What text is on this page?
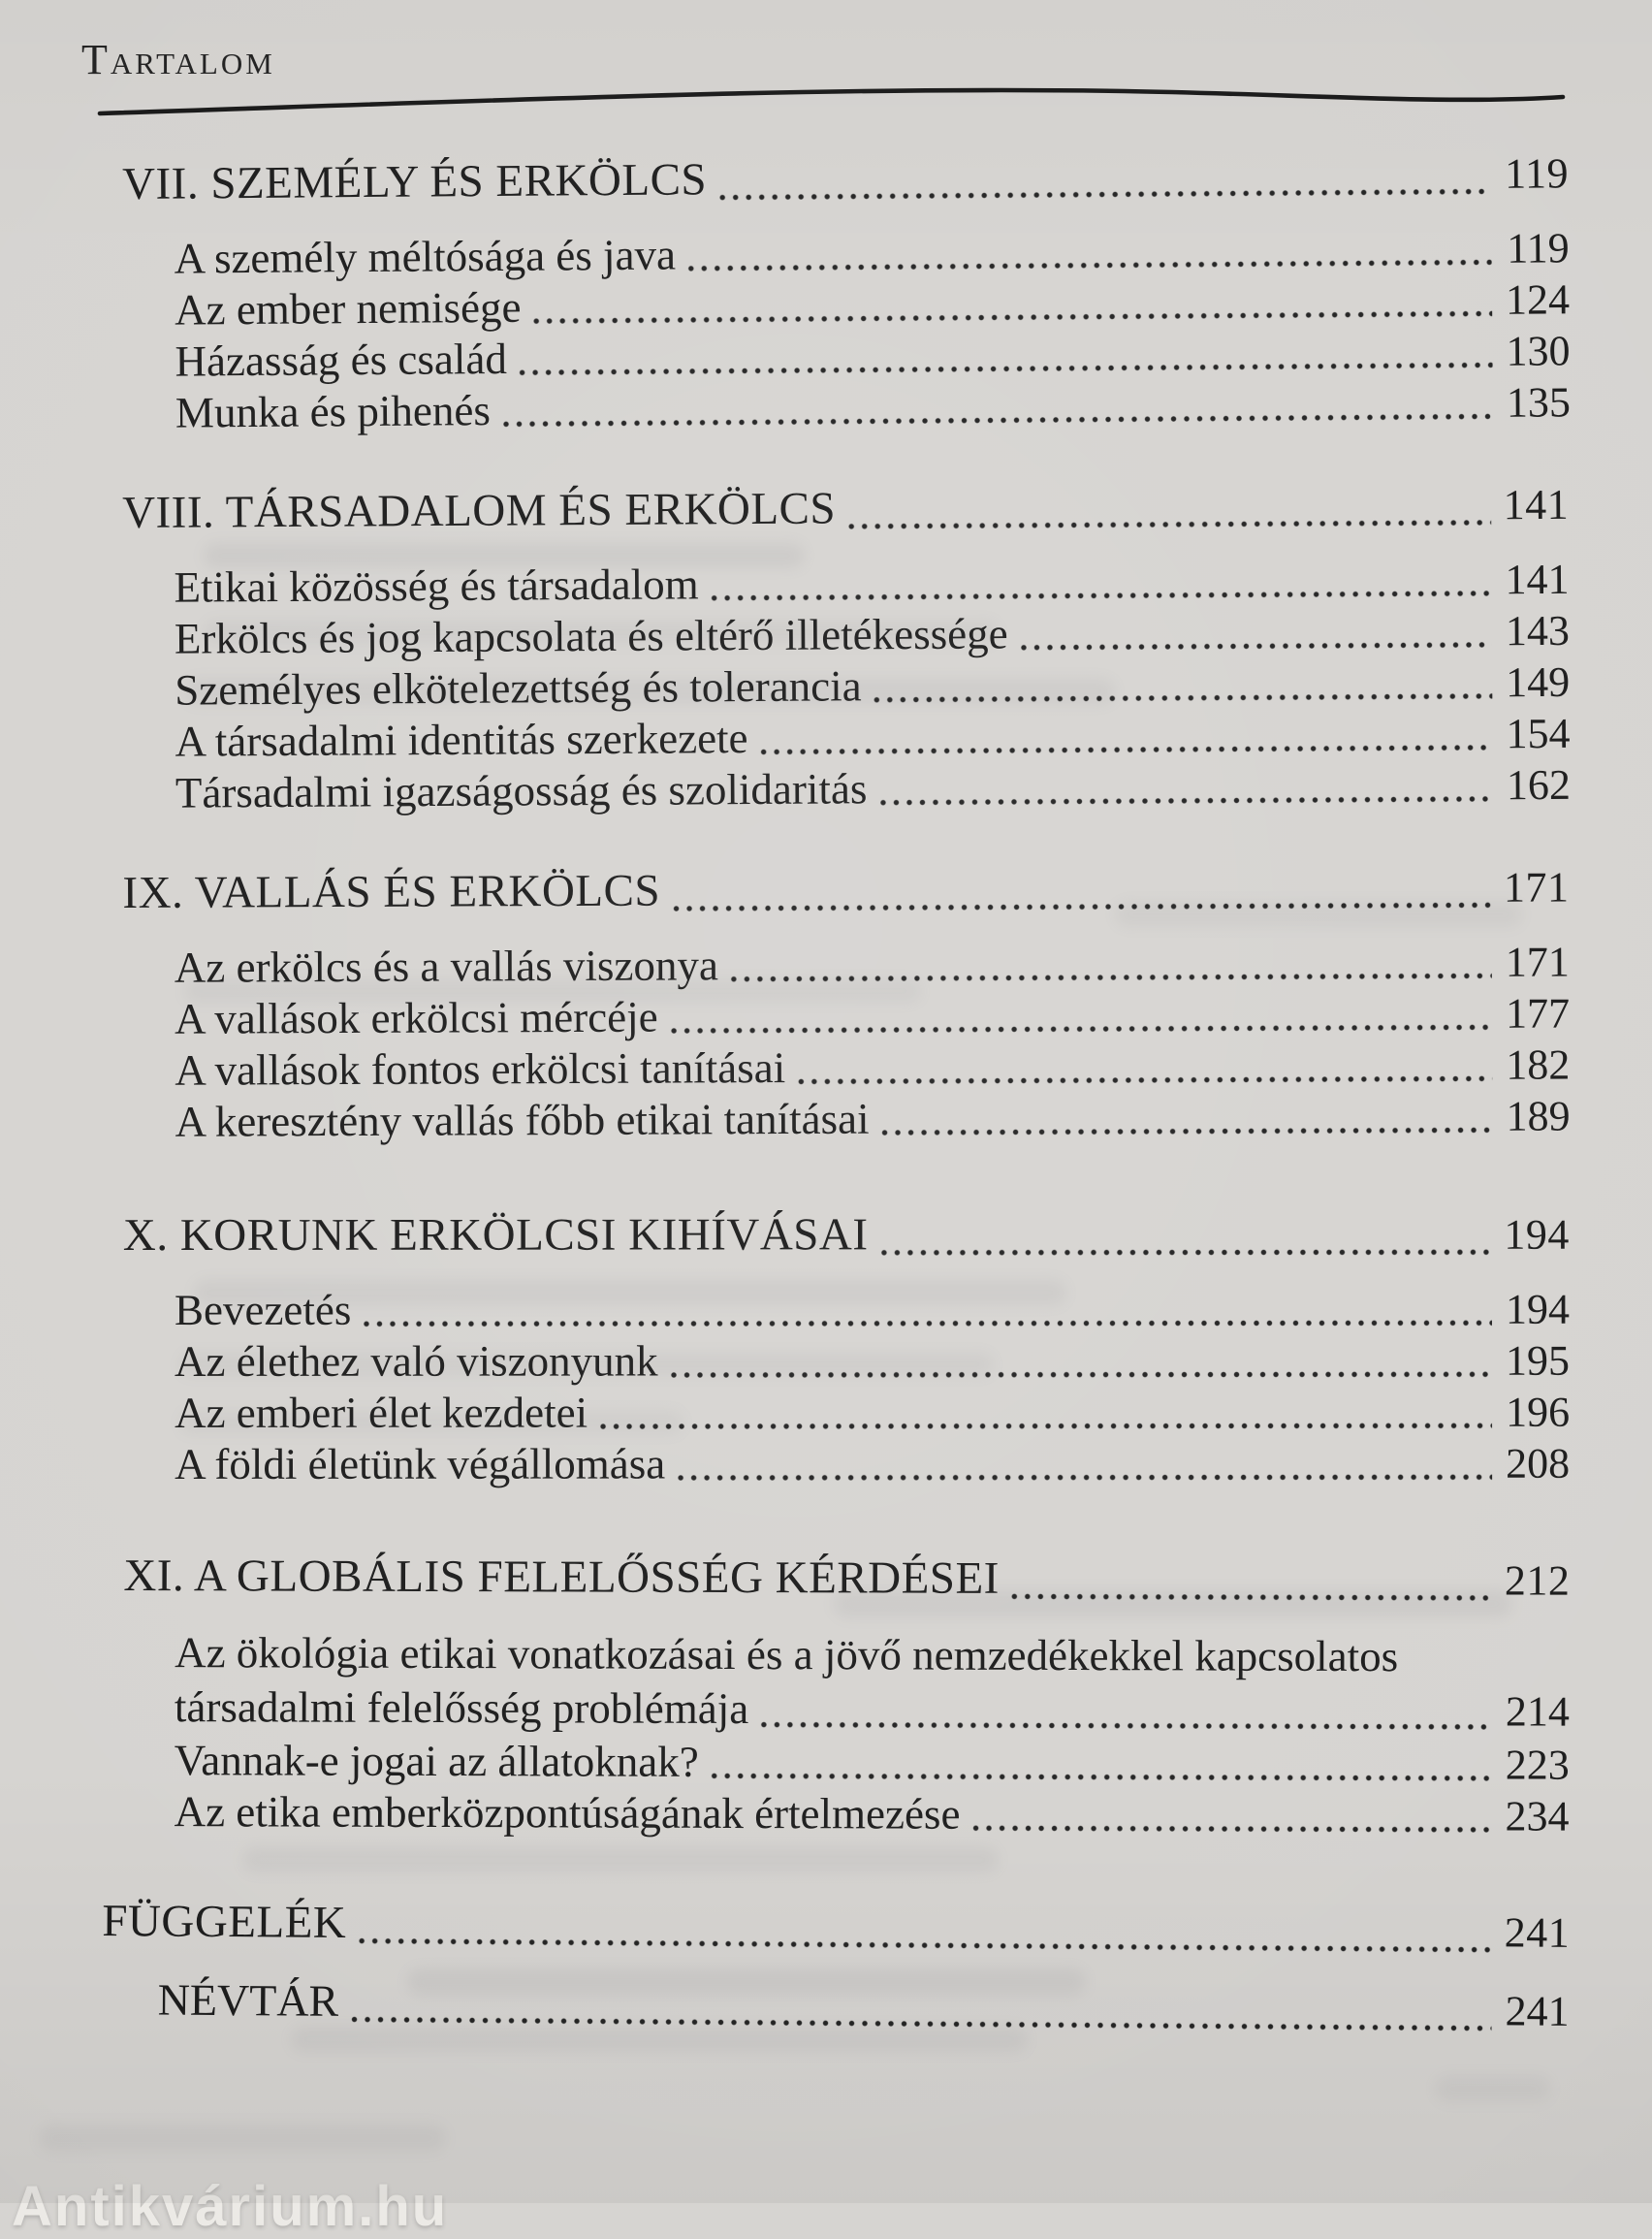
Tartalom
VII. SZEMÉLY ÉS ERKÖLCS	119
A személy méltósága és java	119
Az ember nemisége	124
Házasság és család	130
Munka és pihenés	135
VIII. TÁRSADALOM ÉS ERKÖLCS	141
Etikai közösség és társadalom	141
Erkölcs és jog kapcsolata és eltérő illetékessége	143
Személyes elkötelezettség és tolerancia	149
A társadalmi identitás szerkezete	154
Társadalmi igazságosság és szolidaritás	162
IX. VALLÁS ÉS ERKÖLCS	171
Az erkölcs és a vallás viszonya	171
A vallások erkölcsi mércéje	177
A vallások fontos erkölcsi tanításai	182
A keresztény vallás főbb etikai tanításai	189
X. KORUNK ERKÖLCSI KIHÍVÁSAI	194
Bevezetés	194
Az élethez való viszonyunk	195
Az emberi élet kezdetei	196
A földi életünk végállomása	208
XI. A GLOBÁLIS FELELŐSSÉG KÉRDÉSEI	212
Az ökológia etikai vonatkozásai és a jövő nemzedékekkel kapcsolatos
társadalmi felelősség problémája	214
Vannak-e jogai az állatoknak?	223
Az etika emberközpontúságának értelmezése	234
FÜGGELÉK	241
NÉVTÁR	241
Antikvárium.hu
